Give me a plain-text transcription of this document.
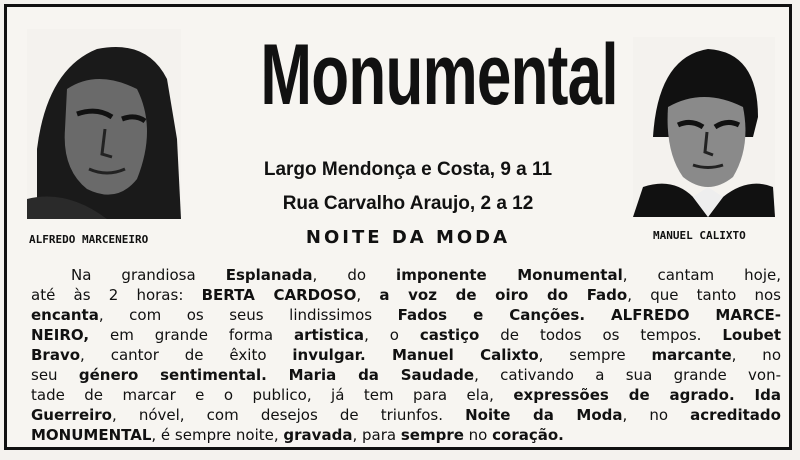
ALFREDO MARCENEIRO
Monumental
Largo Mendonça e Costa, 9 a 11
Rua Carvalho Araujo, 2 a 12
NOITE DA MODA	MANUEL CALIXTO
Na grandiosa Esplanada, do imponente Monumental, cantam hoje,
até às 2 horas: BERTA CARDOSO, a voz de oiro do Fado, que tanto nos
encanta, com os seus lindissimos Fados e Canções. ALFREDO MARCE-
NEIRO, em grande forma artistica, o castiço de todos os tempos. Loubet
Bravo, cantor de êxito invulgar. Manuel Calixto, sempre marcante, no
seu género sentimental. Maria da Saudade, cativando a sua grande von-
tade de marcar e o publico, já tem para ela, expressões de agrado. Ida
Guerreiro, nóvel, com desejos de triunfos. Noite da Moda, no acreditado
MONUMENTAL, é sempre noite, gravada, para sempre no coração.
